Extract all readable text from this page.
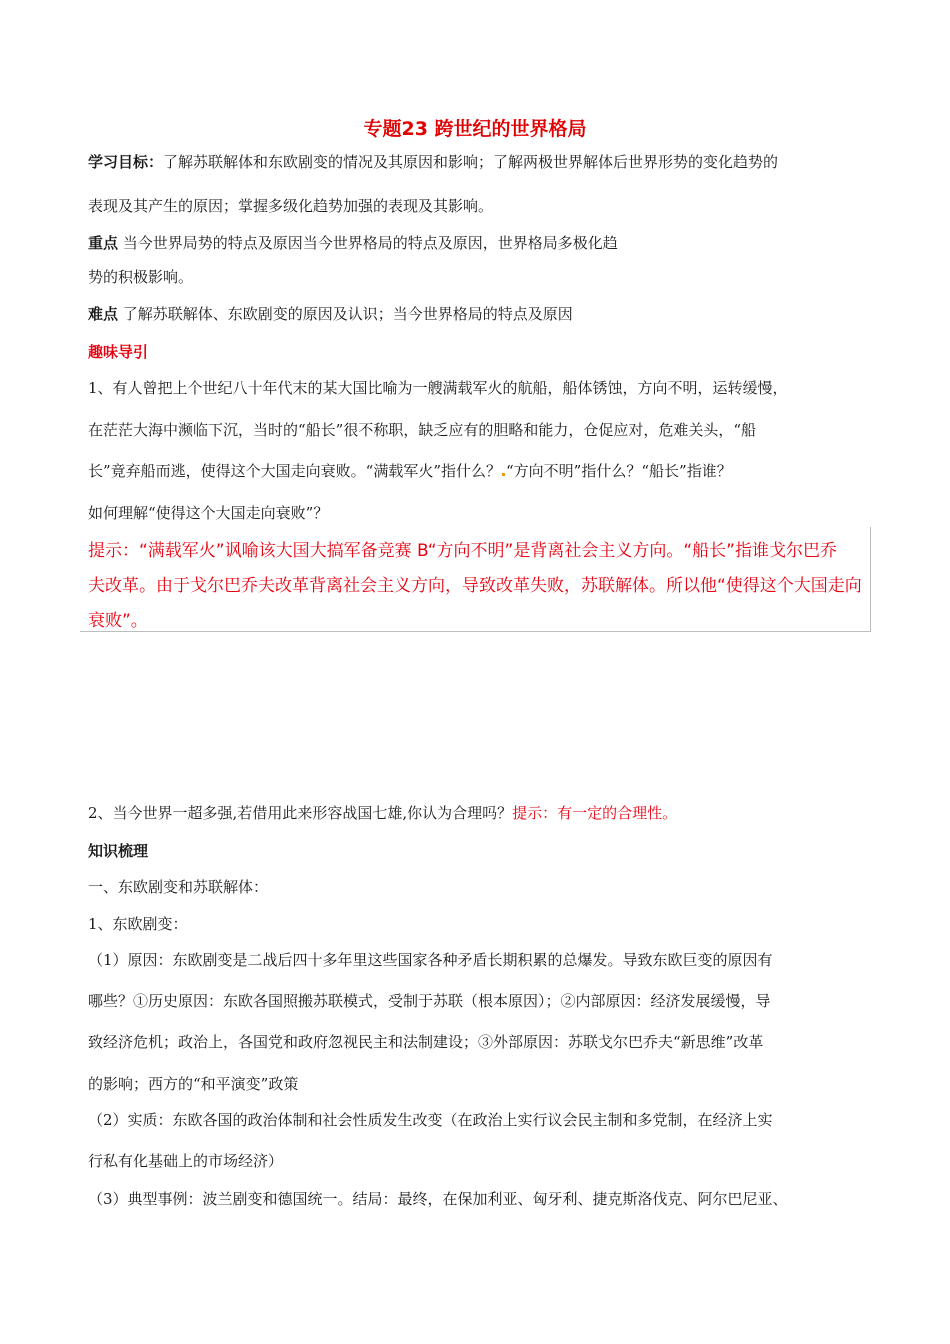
专题23 跨世纪的世界格局
学习目标：了解苏联解体和东欧剧变的情况及其原因和影响；了解两极世界解体后世界形势的变化趋势的
表现及其产生的原因；掌握多级化趋势加强的表现及其影响。
重点 当今世界局势的特点及原因当今世界格局的特点及原因，世界格局多极化趋
势的积极影响。
难点 了解苏联解体、东欧剧变的原因及认识；当今世界格局的特点及原因
趣味导引
1、有人曾把上个世纪八十年代末的某大国比喻为一艘满载军火的航船，船体锈蚀，方向不明，运转缓慢，
在茫茫大海中濒临下沉，当时的“船长”很不称职，缺乏应有的胆略和能力，仓促应对，危难关头，“船
长”竟弃船而逃，使得这个大国走向衰败。“满载军火”指什么？ “方向不明”指什么？“船长”指谁？
如何理解“使得这个大国走向衰败”？
提示：“满载军火”讽喻该大国大搞军备竞赛 B“方向不明”是背离社会主义方向。“船长”指谁戈尔巴乔
夫改革。由于戈尔巴乔夫改革背离社会主义方向，导致改革失败，苏联解体。所以他“使得这个大国走向
衰败”。
2、当今世界一超多强,若借用此来形容战国七雄,你认为合理吗？提示：有一定的合理性。
知识梳理
一、东欧剧变和苏联解体：
1、东欧剧变：
（1）原因：东欧剧变是二战后四十多年里这些国家各种矛盾长期积累的总爆发。导致东欧巨变的原因有
哪些？①历史原因：东欧各国照搬苏联模式，受制于苏联（根本原因）；②内部原因：经济发展缓慢，导
致经济危机；政治上，各国党和政府忽视民主和法制建设；③外部原因：苏联戈尔巴乔夫“新思维”改革
的影响；西方的“和平演变”政策
（2）实质：东欧各国的政治体制和社会性质发生改变（在政治上实行议会民主制和多党制，在经济上实
行私有化基础上的市场经济）
（3）典型事例：波兰剧变和德国统一。结局：最终，在保加利亚、匈牙利、捷克斯洛伐克、阿尔巴尼亚、
